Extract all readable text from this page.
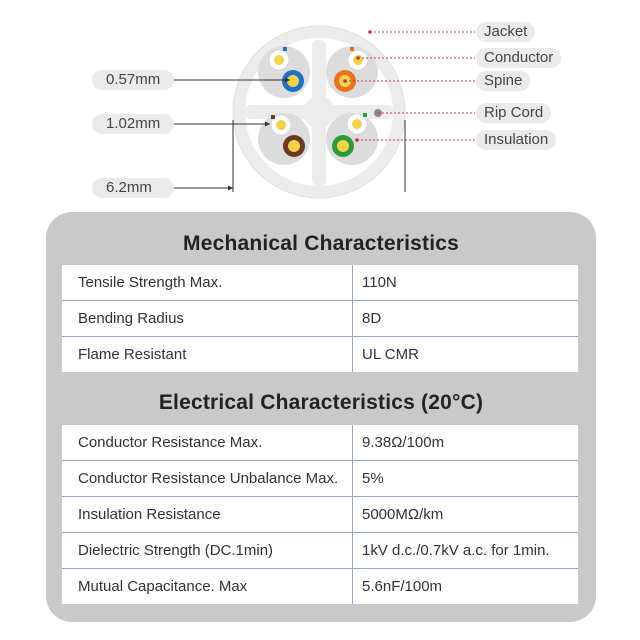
Jacket
Conductor
Spine
Rip Cord
Insulation
0.57mm
1.02mm
6.2mm
Mechanical Characteristics
Tensile Strength Max.	110N
Bending Radius	8D
Flame Resistant	UL CMR
Electrical Characteristics (20°C)
Conductor Resistance Max.	9.38Ω/100m
Conductor Resistance Unbalance Max.	5%
Insulation Resistance	5000MΩ/km
Dielectric Strength (DC.1min)	1kV d.c./0.7kV a.c. for 1min.
Mutual Capacitance. Max	5.6nF/100m
